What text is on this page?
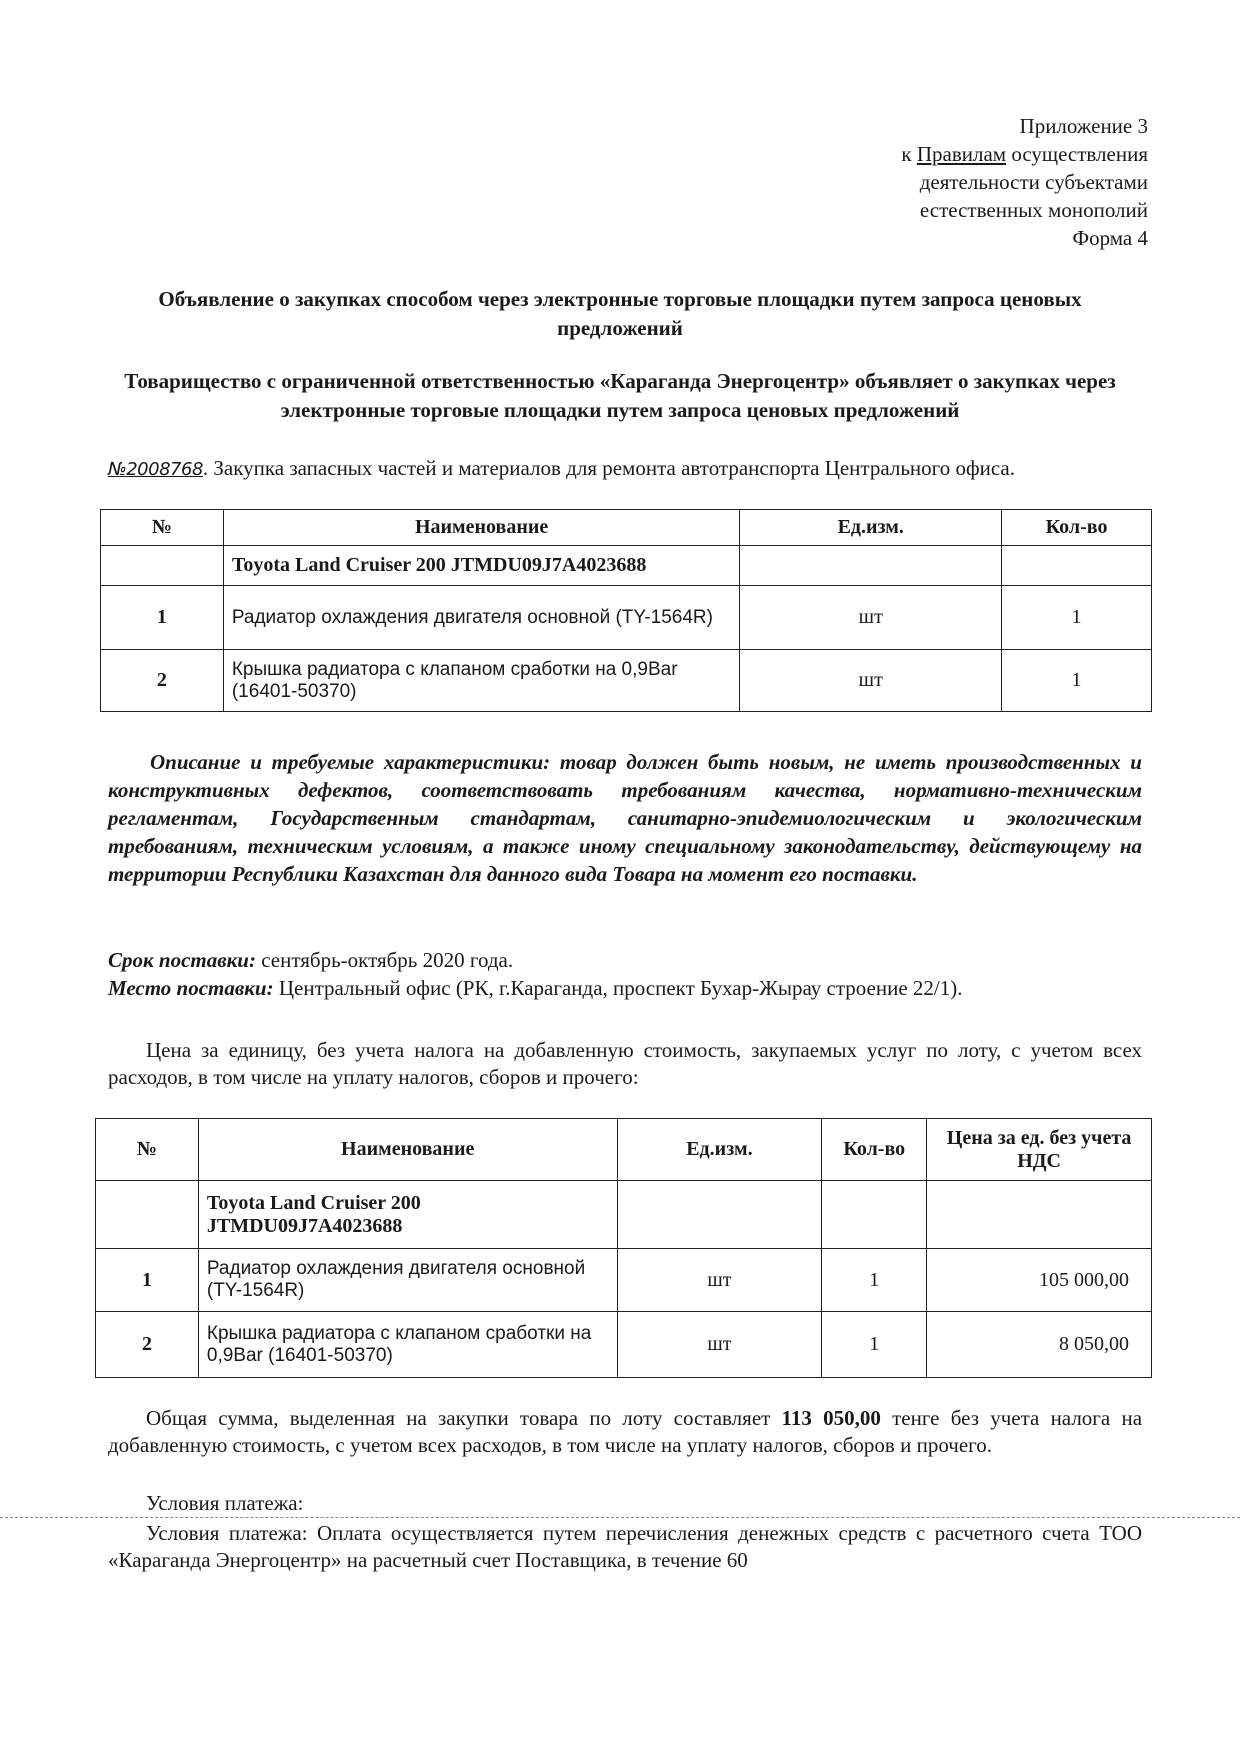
Приложение 3
к Правилам осуществления
деятельности субъектами
естественных монополий
Форма 4
Объявление о закупках способом через электронные торговые площадки путем запроса ценовых предложений
Товарищество с ограниченной ответственностью «Караганда Энергоцентр» объявляет о закупках через электронные торговые площадки путем запроса ценовых предложений
№2008768. Закупка запасных частей и материалов для ремонта автотранспорта Центрального офиса.
№	Наименование	Ед.изм.	Кол-во
	Toyota Land Cruiser 200 JTMDU09J7A4023688		
1	Радиатор охлаждения двигателя основной (TY-1564R)	шт	1
2	Крышка радиатора с клапаном сработки на 0,9Bar (16401-50370)	шт	1
Описание и требуемые характеристики: товар должен быть новым, не иметь производственных и конструктивных дефектов, соответствовать требованиям качества, нормативно-техническим регламентам, Государственным стандартам, санитарно-эпидемиологическим и экологическим требованиям, техническим условиям, а также иному специальному законодательству, действующему на территории Республики Казахстан для данного вида Товара на момент его поставки.
Срок поставки: сентябрь-октябрь 2020 года.
Место поставки: Центральный офис (РК, г.Караганда, проспект Бухар-Жырау строение 22/1).
Цена за единицу, без учета налога на добавленную стоимость, закупаемых услуг по лоту, с учетом всех расходов, в том числе на уплату налогов, сборов и прочего:
№	Наименование	Ед.изм.	Кол-во	Цена за ед. без учета НДС
	Toyota Land Cruiser 200 JTMDU09J7A4023688			
1	Радиатор охлаждения двигателя основной (TY-1564R)	шт	1	105 000,00
2	Крышка радиатора с клапаном сработки на 0,9Bar (16401-50370)	шт	1	8 050,00
Общая сумма, выделенная на закупки товара по лоту составляет 113 050,00 тенге без учета налога на добавленную стоимость, с учетом всех расходов, в том числе на уплату налогов, сборов и прочего.
Условия платежа:
Условия платежа: Оплата осуществляется путем перечисления денежных средств с расчетного счета ТОО «Караганда Энергоцентр» на расчетный счет Поставщика, в течение 60
